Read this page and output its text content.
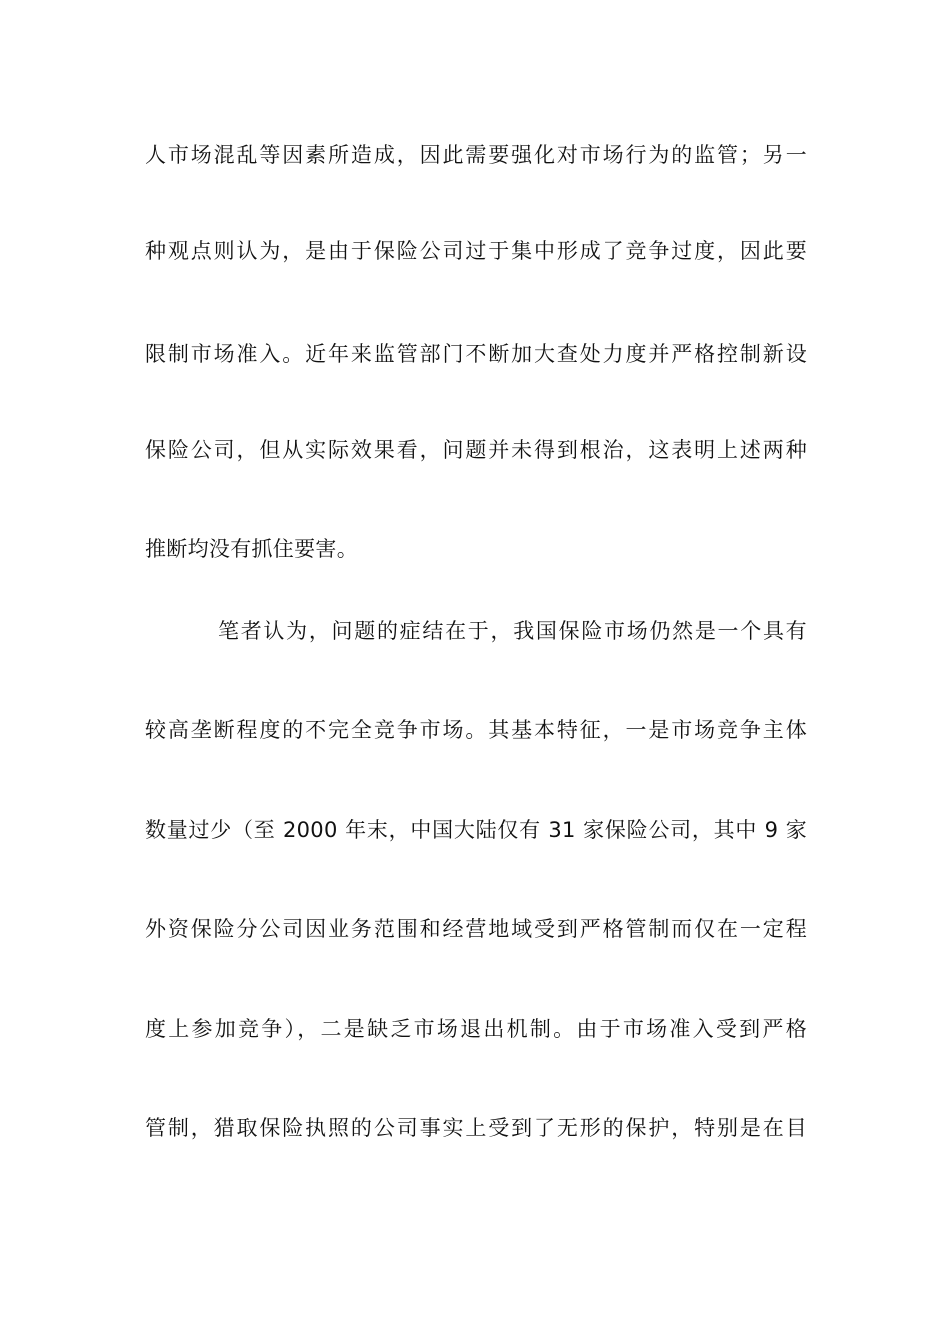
人市场混乱等因素所造成，因此需要强化对市场行为的监管；另一
种观点则认为，是由于保险公司过于集中形成了竞争过度，因此要
限制市场准入。近年来监管部门不断加大查处力度并严格控制新设
保险公司，但从实际效果看，问题并未得到根治，这表明上述两种
推断均没有抓住要害。
笔者认为，问题的症结在于，我国保险市场仍然是一个具有
较高垄断程度的不完全竞争市场。其基本特征，一是市场竞争主体
数量过少（至 2000 年末，中国大陆仅有 31 家保险公司，其中 9 家
外资保险分公司因业务范围和经营地域受到严格管制而仅在一定程
度上参加竞争），二是缺乏市场退出机制。由于市场准入受到严格
管制，猎取保险执照的公司事实上受到了无形的保护，特别是在目
